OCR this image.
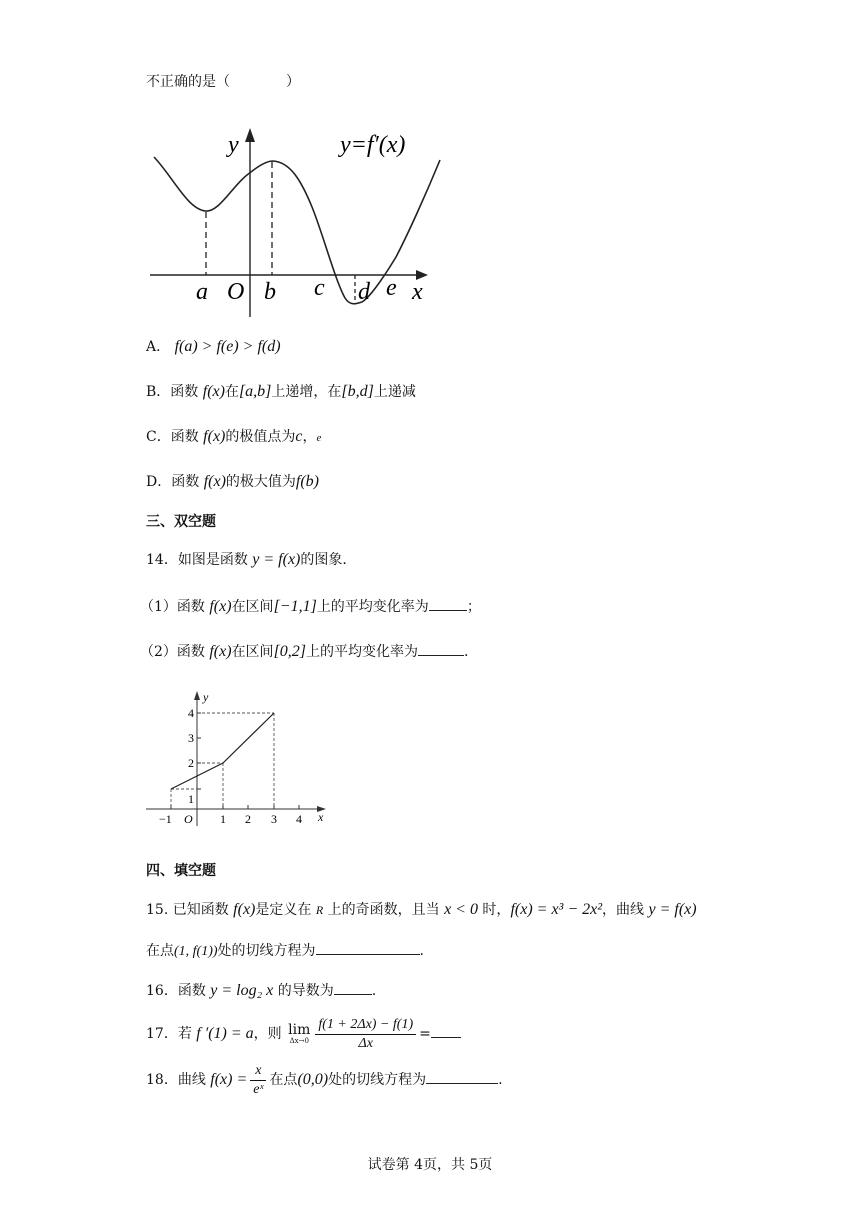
不正确的是（　　　　）
y=f′(x)
y
x
a O b c d e
A． f(a) > f(e) > f(d)
B．函数 f(x)在[a,b]上递增，在[b,d]上递减
C．函数 f(x)的极值点为c，e
D．函数 f(x)的极大值为f(b)
三、双空题
14．如图是函数 y = f(x)的图象.
（1）函数 f(x)在区间[−1,1]上的平均变化率为	；
（2）函数 f(x)在区间[0,2]上的平均变化率为	.
y
x
O
−1	1 2 3 4
1
2
3
4
四、填空题
15. 已知函数 f(x)是定义在 R 上的奇函数，且当 x < 0 时，f(x) = x³ − 2x²，曲线 y = f(x)
在点(1, f(1))处的切线方程为	.
16．函数 y = log₂ x 的导数为	.
17．若 f ′(1) = a，则 lim
$\Delta x\to 0 \frac{f(1 + 2\Delta x) - f(1)}{\Delta x}$ =
18．曲线 $f(x) = \frac{x}{\text{eˣ}}$ 在点(0,0)处的切线方程为	.
试卷第 4页，共 5页
